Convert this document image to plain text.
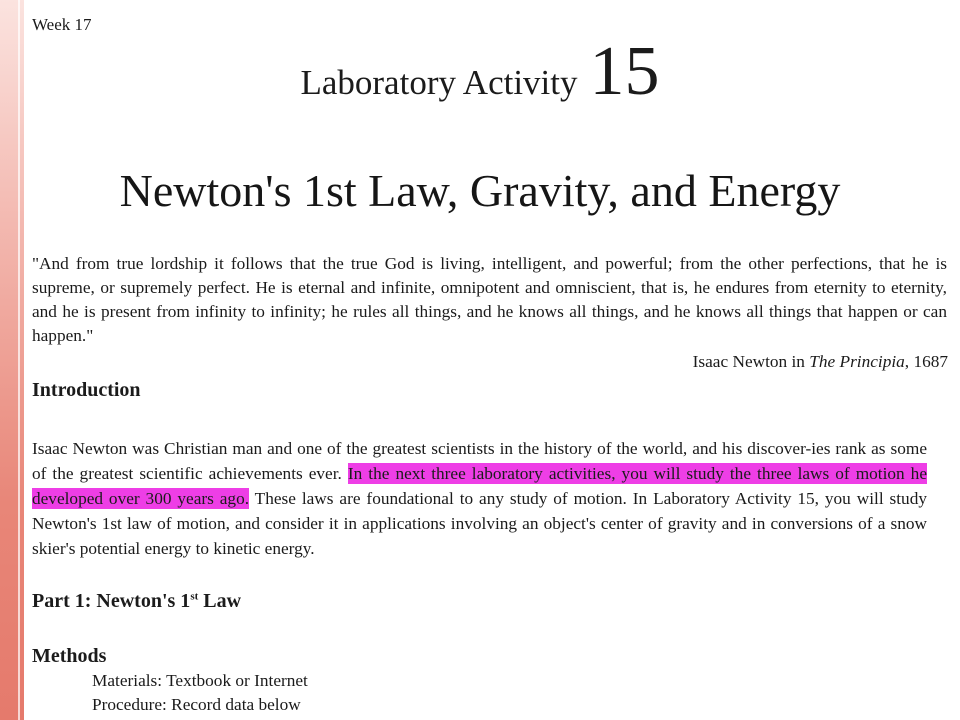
Week 17
Laboratory Activity 15
Newton's 1st Law, Gravity, and Energy
"And from true lordship it follows that the true God is living, intelligent, and powerful; from the other perfections, that he is supreme, or supremely perfect. He is eternal and infinite, omnipotent and omniscient, that is, he endures from eternity to eternity, and he is present from infinity to infinity; he rules all things, and he knows all things, and he knows all things that happen or can happen."
Isaac Newton in The Principia, 1687
Introduction
Isaac Newton was Christian man and one of the greatest scientists in the history of the world, and his discover-ies rank as some of the greatest scientific achievements ever. In the next three laboratory activities, you will study the three laws of motion he developed over 300 years ago. These laws are foundational to any study of motion. In Laboratory Activity 15, you will study Newton's 1st law of motion, and consider it in applications involving an object's center of gravity and in conversions of a snow skier's potential energy to kinetic energy.
Part 1: Newton's 1st Law
Methods
Materials: Textbook or Internet
Procedure: Record data below
